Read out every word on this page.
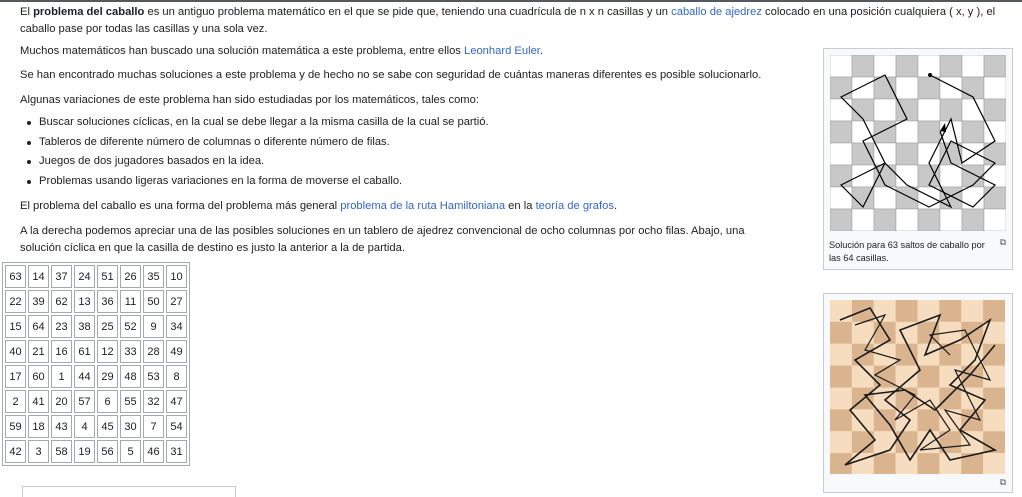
El problema del caballo es un antiguo problema matemático en el que se pide que, teniendo una cuadrícula de n x n casillas y un caballo de ajedrez colocado en una posición cualquiera ( x, y ), el caballo pase por todas las casillas y una sola vez.

Muchos matemáticos han buscado una solución matemática a este problema, entre ellos Leonhard Euler.

Se han encontrado muchas soluciones a este problema y de hecho no se sabe con seguridad de cuántas maneras diferentes es posible solucionarlo.

Algunas variaciones de este problema han sido estudiadas por los matemáticos, tales como:

Buscar soluciones cíclicas, en la cual se debe llegar a la misma casilla de la cual se partió.
Tableros de diferente número de columnas o diferente número de filas.
Juegos de dos jugadores basados en la idea.
Problemas usando ligeras variaciones en la forma de moverse el caballo.

El problema del caballo es una forma del problema más general problema de la ruta Hamiltoniana en la teoría de grafos.

A la derecha podemos apreciar una de las posibles soluciones en un tablero de ajedrez convencional de ocho columnas por ocho filas. Abajo, una solución cíclica en que la casilla de destino es justo la anterior a la de partida.

63	14	37	24	51	26	35	10
22	39	62	13	36	11	50	27
15	64	23	38	25	52	9	34
40	21	16	61	12	33	28	49
17	60	1	44	29	48	53	8
2	41	20	57	6	55	32	47
59	18	43	4	45	30	7	54
42	3	58	19	56	5	46	31
Solución para 63 saltos de caballo por las 64 casillas.
⧉
⧉
